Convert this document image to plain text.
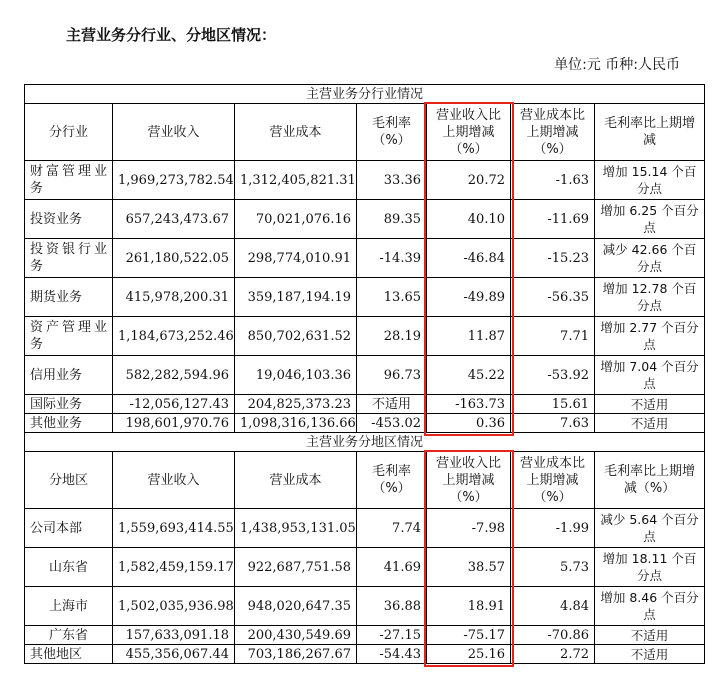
主营业务分行业、分地区情况：
单位:元 币种:人民币
主营业务分行业情况						
分行业	营业收入	营业成本	毛利率（%）	营业收入比上期增减（%）	营业成本比上期增减（%）	毛利率比上期增减
财富管理业务	1,969,273,782.54	1,312,405,821.31	33.36	20.72	-1.63	增加 15.14 个百分点
投资业务	657,243,473.67	70,021,076.16	89.35	40.10	-11.69	增加 6.25 个百分点
投资银行业务	261,180,522.05	298,774,010.91	-14.39	-46.84	-15.23	减少 42.66 个百分点
期货业务	415,978,200.31	359,187,194.19	13.65	-49.89	-56.35	增加 12.78 个百分点
资产管理业务	1,184,673,252.46	850,702,631.52	28.19	11.87	7.71	增加 2.77 个百分点
信用业务	582,282,594.96	19,046,103.36	96.73	45.22	-53.92	增加 7.04 个百分点
国际业务	-12,056,127.43	204,825,373.23	不适用	-163.73	15.61	不适用
其他业务	198,601,970.76	1,098,316,136.66	-453.02	0.36	7.63	不适用
主营业务分地区情况						
分地区	营业收入	营业成本	毛利率（%）	营业收入比上期增减（%）	营业成本比上期增减（%）	毛利率比上期增减（%）
公司本部	1,559,693,414.55	1,438,953,131.05	7.74	-7.98	-1.99	减少 5.64 个百分点
山东省	1,582,459,159.17	922,687,751.58	41.69	38.57	5.73	增加 18.11 个百分点
上海市	1,502,035,936.98	948,020,647.35	36.88	18.91	4.84	增加 8.46 个百分点
广东省	157,633,091.18	200,430,549.69	-27.15	-75.17	-70.86	不适用
其他地区	455,356,067.44	703,186,267.67	-54.43	25.16	2.72	不适用
